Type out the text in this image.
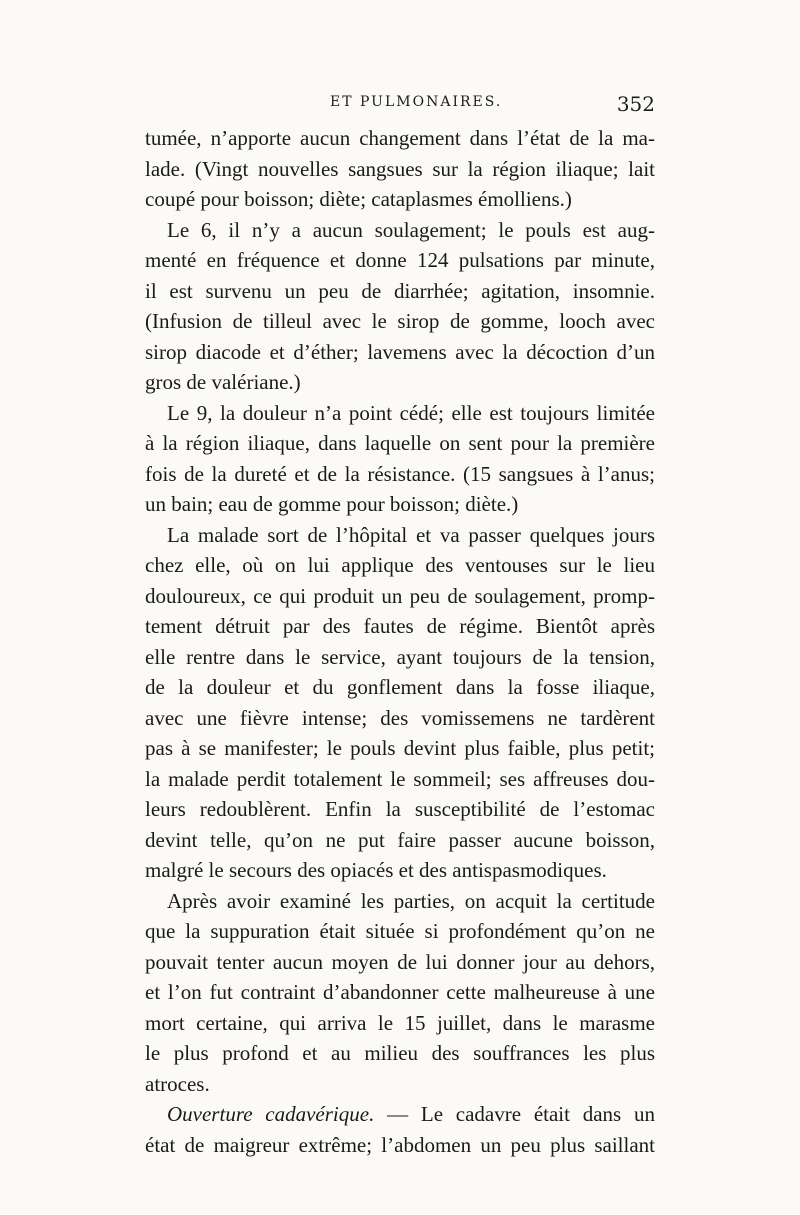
ET PULMONAIRES.	352
tumée, n’apporte aucun changement dans l’état de la ma-
lade. (Vingt nouvelles sangsues sur la région iliaque; lait
coupé pour boisson; diète; cataplasmes émolliens.)
Le 6, il n’y a aucun soulagement; le pouls est aug-
menté en fréquence et donne 124 pulsations par minute,
il est survenu un peu de diarrhée; agitation, insomnie.
(Infusion de tilleul avec le sirop de gomme, looch avec
sirop diacode et d’éther; lavemens avec la décoction d’un
gros de valériane.)
Le 9, la douleur n’a point cédé; elle est toujours limitée
à la région iliaque, dans laquelle on sent pour la première
fois de la dureté et de la résistance. (15 sangsues à l’anus;
un bain; eau de gomme pour boisson; diète.)
La malade sort de l’hôpital et va passer quelques jours
chez elle, où on lui applique des ventouses sur le lieu
douloureux, ce qui produit un peu de soulagement, promp-
tement détruit par des fautes de régime. Bientôt après
elle rentre dans le service, ayant toujours de la tension,
de la douleur et du gonflement dans la fosse iliaque,
avec une fièvre intense; des vomissemens ne tardèrent
pas à se manifester; le pouls devint plus faible, plus petit;
la malade perdit totalement le sommeil; ses affreuses dou-
leurs redoublèrent. Enfin la susceptibilité de l’estomac
devint telle, qu’on ne put faire passer aucune boisson,
malgré le secours des opiacés et des antispasmodiques.
Après avoir examiné les parties, on acquit la certitude
que la suppuration était située si profondément qu’on ne
pouvait tenter aucun moyen de lui donner jour au dehors,
et l’on fut contraint d’abandonner cette malheureuse à une
mort certaine, qui arriva le 15 juillet, dans le marasme
le plus profond et au milieu des souffrances les plus
atroces.
Ouverture cadavérique. — Le cadavre était dans un
état de maigreur extrême; l’abdomen un peu plus saillant
